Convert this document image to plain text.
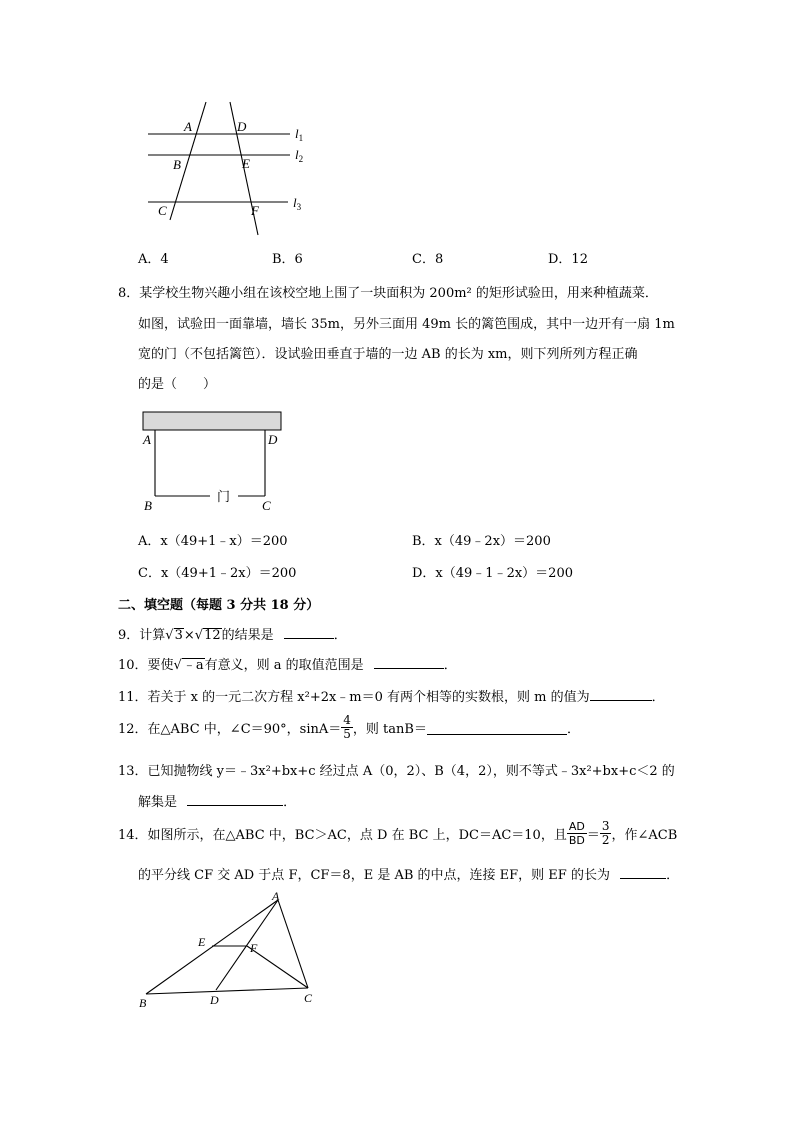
A	D
B	E
C	F
$l_1$
$l_2$
$l_3$
A．4	B．6	C．8	D．12
8．某学校生物兴趣小组在该校空地上围了一块面积为 200m² 的矩形试验田，用来种植蔬菜．
如图，试验田一面靠墙，墙长 35m，另外三面用 49m 长的篱笆围成，其中一边开有一扇 1m
宽的门（不包括篱笆）．设试验田垂直于墙的一边 AB 的长为 xm，则下列所列方程正确
的是（　　）
A	D
B	C
门
A．x（49+1﹣x）＝200	B．x（49﹣2x）＝200
C．x（49+1﹣2x）＝200	D．x（49﹣1﹣2x）＝200
二、填空题（每题 3 分共 18 分）
9．计算√3×√12的结果是	．
10．要使√﹣a有意义，则 a 的取值范围是	．
11．若关于 x 的一元二次方程 x²+2x﹣m＝0 有两个相等的实数根，则 m 的值为	．
12．在△ABC 中，∠C＝90°，$\sin A= \frac{4}{5}$ ，则 tanB＝	．
13．已知抛物线 y＝﹣3x²+bx+c 经过点 A（0，2）、B（4，2），则不等式﹣3x²+bx+c＜2 的
解集是	．
14．如图所示，在△ABC 中，BC＞AC，点 D 在 BC 上，DC＝AC＝10，且 $\frac{AD}{BD} = \frac{3}{2}$ ，作∠ACB
的平分线 CF 交 AD 于点 F，CF＝8，E 是 AB 的中点，连接 EF，则 EF 的长为	．
A
E	F
B	D	C
